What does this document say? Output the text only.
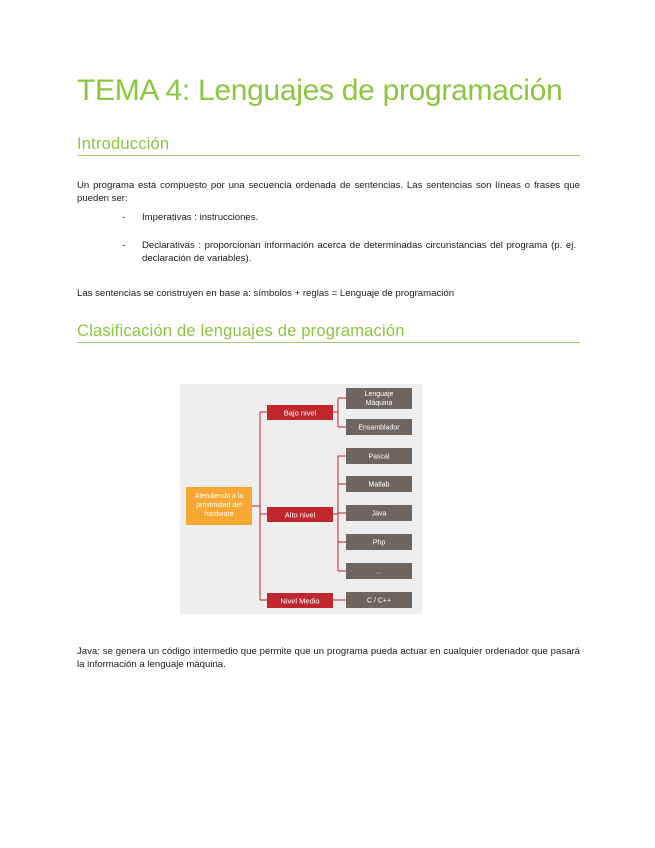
TEMA 4: Lenguajes de programación
Introducción
Un programa está compuesto por una secuencia ordenada de sentencias. Las sentencias son líneas o frases que pueden ser:
- Imperativas : instrucciones.
- Declarativas : proporcionan información acerca de determinadas circunstancias del programa (p. ej. declaración de variables).
Las sentencias se construyen en base a: símbolos + reglas = Lenguaje de programación
Clasificación de lenguajes de programación
Atendiendo a la
proximidad del
hardware
Bajo nivel
Alto nivel
Nivel Medio
Lenguaje
Máquina
Ensamblador
Pascal
Matlab
Java
Php
...
C / C++
Java: se genera un código intermedio que permite que un programa pueda actuar en cualquier ordenador que pasará la información a lenguaje máquina.
